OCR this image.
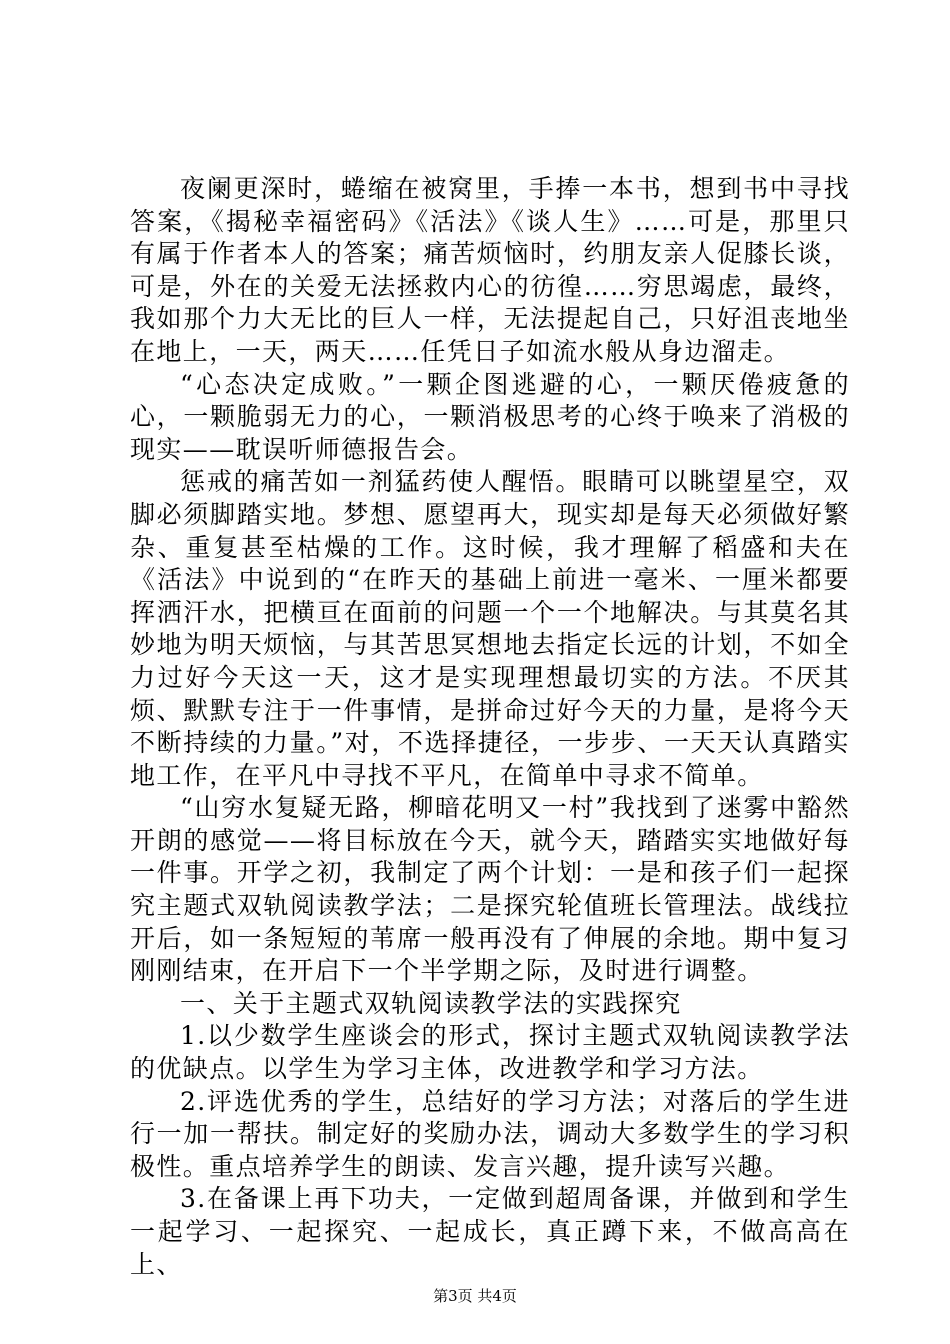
夜阑更深时，蜷缩在被窝里，手捧一本书，想到书中寻找答案，《揭秘幸福密码》《活法》《谈人生》……可是，那里只有属于作者本人的答案；痛苦烦恼时，约朋友亲人促膝长谈，可是，外在的关爱无法拯救内心的彷徨……穷思竭虑，最终，我如那个力大无比的巨人一样，无法提起自己，只好沮丧地坐在地上，一天，两天……任凭日子如流水般从身边溜走。

“心态决定成败。”一颗企图逃避的心，一颗厌倦疲惫的心，一颗脆弱无力的心，一颗消极思考的心终于唤来了消极的现实——耽误听师德报告会。

惩戒的痛苦如一剂猛药使人醒悟。眼睛可以眺望星空，双脚必须脚踏实地。梦想、愿望再大，现实却是每天必须做好繁杂、重复甚至枯燥的工作。这时候，我才理解了稻盛和夫在《活法》中说到的“在昨天的基础上前进一毫米、一厘米都要挥洒汗水，把横亘在面前的问题一个一个地解决。与其莫名其妙地为明天烦恼，与其苦思冥想地去指定长远的计划，不如全力过好今天这一天，这才是实现理想最切实的方法。不厌其烦、默默专注于一件事情，是拼命过好今天的力量，是将今天不断持续的力量。”对，不选择捷径，一步步、一天天认真踏实地工作，在平凡中寻找不平凡，在简单中寻求不简单。

“山穷水复疑无路，柳暗花明又一村”我找到了迷雾中豁然开朗的感觉——将目标放在今天，就今天，踏踏实实地做好每一件事。开学之初，我制定了两个计划：一是和孩子们一起探究主题式双轨阅读教学法；二是探究轮值班长管理法。战线拉开后，如一条短短的苇席一般再没有了伸展的余地。期中复习刚刚结束，在开启下一个半学期之际，及时进行调整。

一、关于主题式双轨阅读教学法的实践探究

1.以少数学生座谈会的形式，探讨主题式双轨阅读教学法的优缺点。以学生为学习主体，改进教学和学习方法。

2.评选优秀的学生，总结好的学习方法；对落后的学生进行一加一帮扶。制定好的奖励办法，调动大多数学生的学习积极性。重点培养学生的朗读、发言兴趣，提升读写兴趣。

3.在备课上再下功夫，一定做到超周备课，并做到和学生一起学习、一起探究、一起成长，真正蹲下来，不做高高在上、

第3页 共4页
